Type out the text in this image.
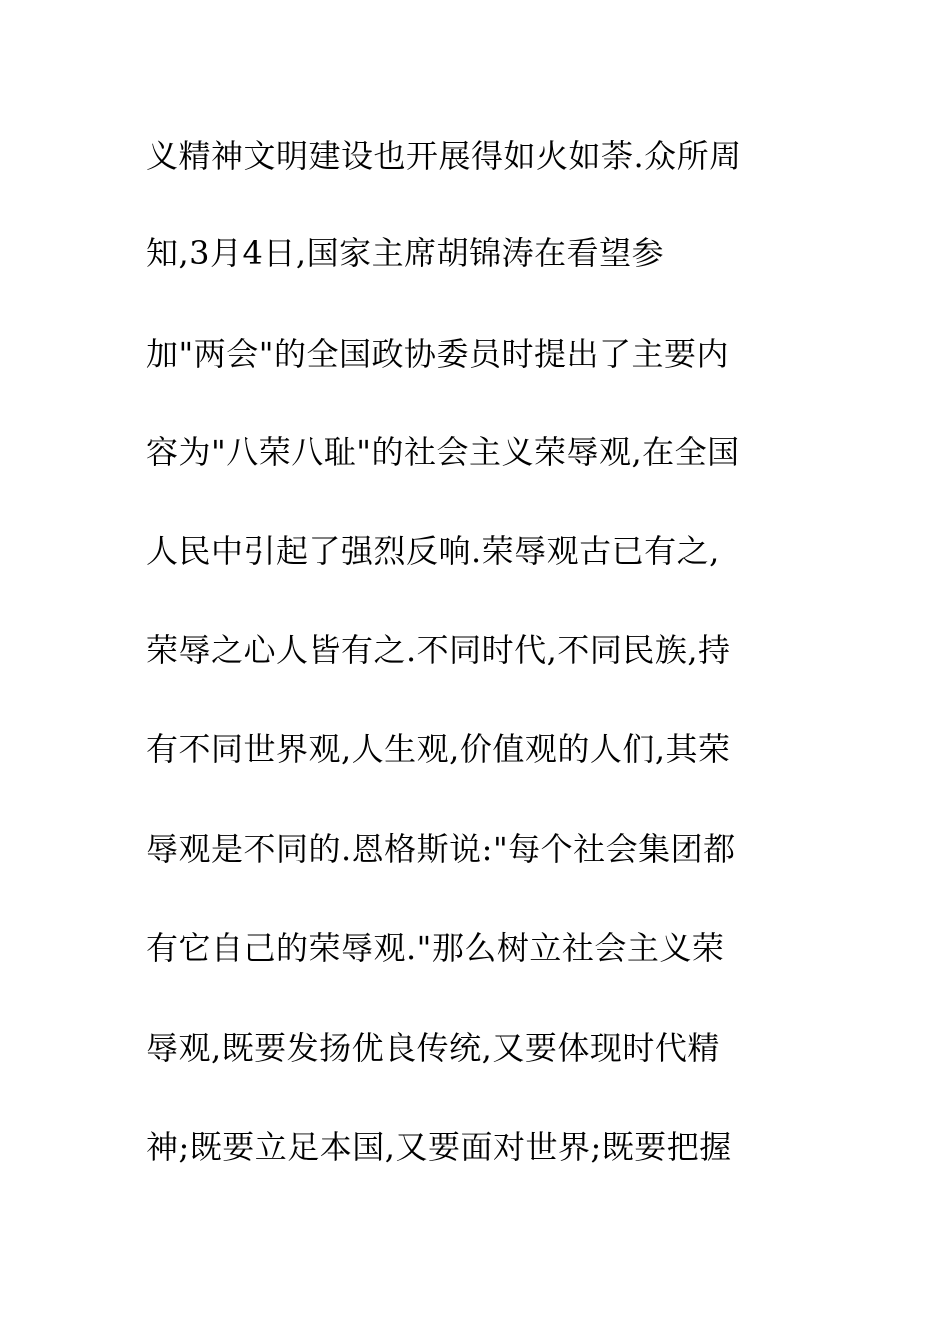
义精神文明建设也开展得如火如荼.众所周
知,3月4日,国家主席胡锦涛在看望参
加"两会"的全国政协委员时提出了主要内
容为"八荣八耻"的社会主义荣辱观,在全国
人民中引起了强烈反响.荣辱观古已有之,
荣辱之心人皆有之.不同时代,不同民族,持
有不同世界观,人生观,价值观的人们,其荣
辱观是不同的.恩格斯说:"每个社会集团都
有它自己的荣辱观."那么树立社会主义荣
辱观,既要发扬优良传统,又要体现时代精
神;既要立足本国,又要面对世界;既要把握
